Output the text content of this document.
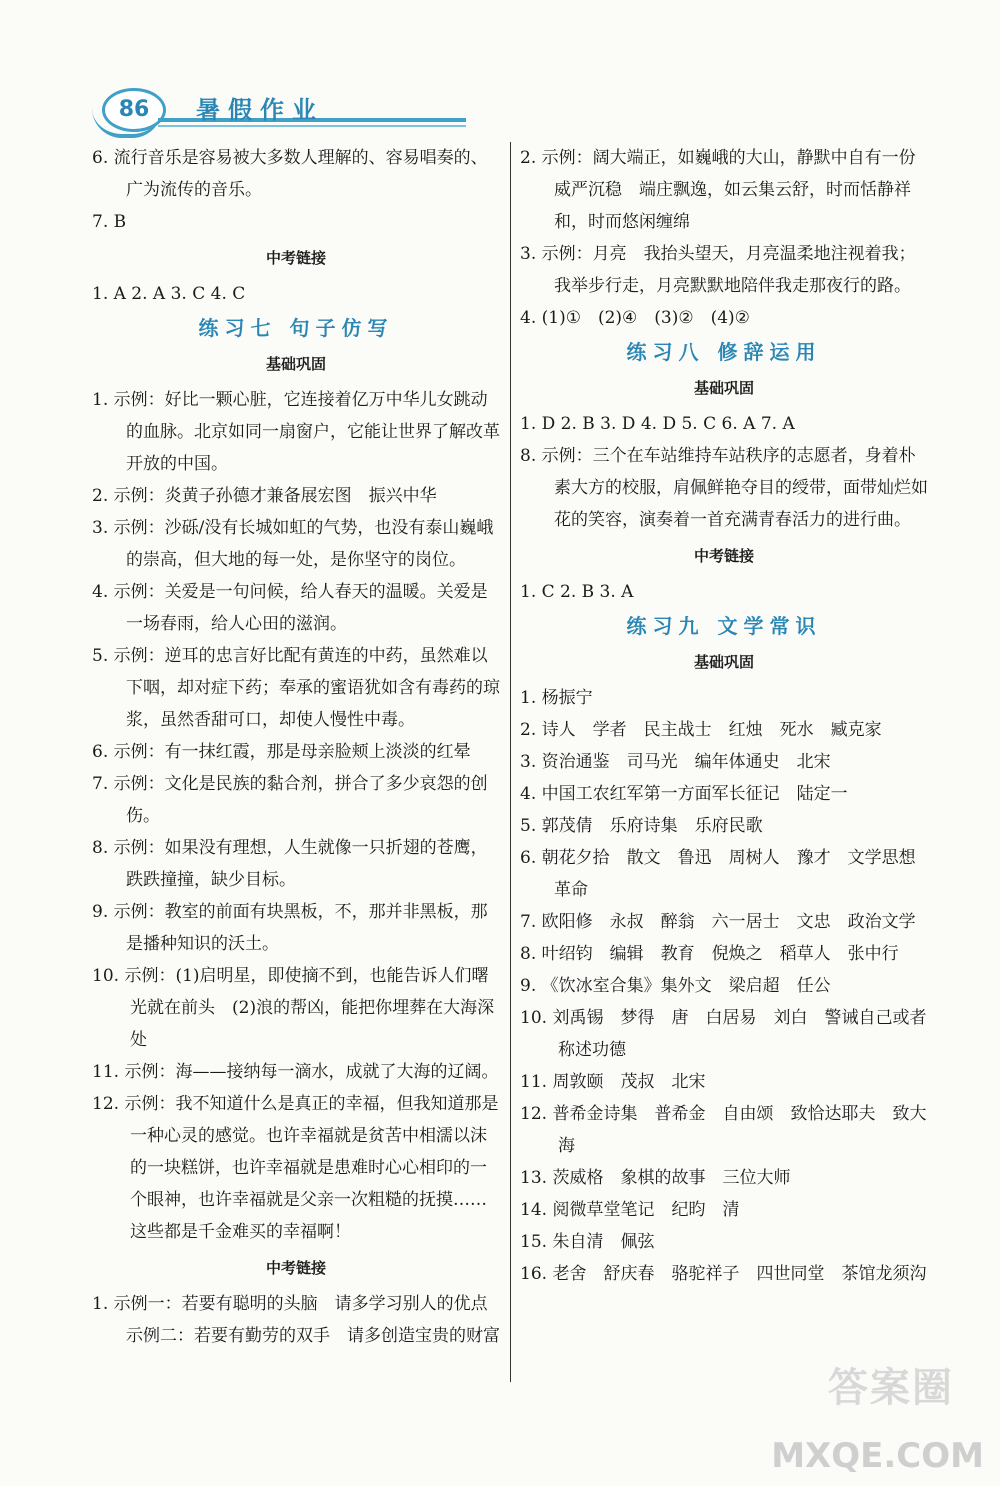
86	暑假作业
6. 流行音乐是容易被大多数人理解的、容易唱奏的、广为流传的音乐。
7. B
中考链接
1. A 2. A 3. C 4. C
练习七 句子仿写
基础巩固
1. 示例：好比一颗心脏，它连接着亿万中华儿女跳动的血脉。北京如同一扇窗户，它能让世界了解改革开放的中国。
2. 示例：炎黄子孙德才兼备展宏图　振兴中华
3. 示例：沙砾/没有长城如虹的气势，也没有泰山巍峨的崇高，但大地的每一处，是你坚守的岗位。
4. 示例：关爱是一句问候，给人春天的温暖。关爱是一场春雨，给人心田的滋润。
5. 示例：逆耳的忠言好比配有黄连的中药，虽然难以下咽，却对症下药；奉承的蜜语犹如含有毒药的琼浆，虽然香甜可口，却使人慢性中毒。
6. 示例：有一抹红霞，那是母亲脸颊上淡淡的红晕
7. 示例：文化是民族的黏合剂，拼合了多少哀怨的创伤。
8. 示例：如果没有理想，人生就像一只折翅的苍鹰，跌跌撞撞，缺少目标。
9. 示例：教室的前面有块黑板，不，那并非黑板，那是播种知识的沃土。
10. 示例：(1)启明星，即使摘不到，也能告诉人们曙光就在前头　(2)浪的帮凶，能把你埋葬在大海深处
11. 示例：海——接纳每一滴水，成就了大海的辽阔。
12. 示例：我不知道什么是真正的幸福，但我知道那是一种心灵的感觉。也许幸福就是贫苦中相濡以沫的一块糕饼，也许幸福就是患难时心心相印的一个眼神，也许幸福就是父亲一次粗糙的抚摸……这些都是千金难买的幸福啊！
中考链接
1. 示例一：若要有聪明的头脑　请多学习别人的优点　示例二：若要有勤劳的双手　请多创造宝贵的财富
2. 示例：阔大端正，如巍峨的大山，静默中自有一份威严沉稳　端庄飘逸，如云集云舒，时而恬静祥和，时而悠闲缠绵
3. 示例：月亮　我抬头望天，月亮温柔地注视着我；我举步行走，月亮默默地陪伴我走那夜行的路。
4. (1)①　(2)④　(3)②　(4)②
练习八 修辞运用
基础巩固
1. D 2. B 3. D 4. D 5. C 6. A 7. A
8. 示例：三个在车站维持车站秩序的志愿者，身着朴素大方的校服，肩佩鲜艳夺目的绶带，面带灿烂如花的笑容，演奏着一首充满青春活力的进行曲。
中考链接
1. C 2. B 3. A
练习九 文学常识
基础巩固
1. 杨振宁
2. 诗人　学者　民主战士　红烛　死水　臧克家
3. 资治通鉴　司马光　编年体通史　北宋
4. 中国工农红军第一方面军长征记　陆定一
5. 郭茂倩　乐府诗集　乐府民歌
6. 朝花夕拾　散文　鲁迅　周树人　豫才　文学思想　革命
7. 欧阳修　永叔　醉翁　六一居士　文忠　政治文学
8. 叶绍钧　编辑　教育　倪焕之　稻草人　张中行
9. 《饮冰室合集》集外文　梁启超　任公
10. 刘禹锡　梦得　唐　白居易　刘白　警诫自己或者称述功德
11. 周敦颐　茂叔　北宋
12. 普希金诗集　普希金　自由颂　致恰达耶夫　致大海
13. 茨威格　象棋的故事　三位大师
14. 阅微草堂笔记　纪昀　清
15. 朱自清　佩弦
16. 老舍　舒庆春　骆驼祥子　四世同堂　茶馆龙须沟
答案圈
MXQE.COM
